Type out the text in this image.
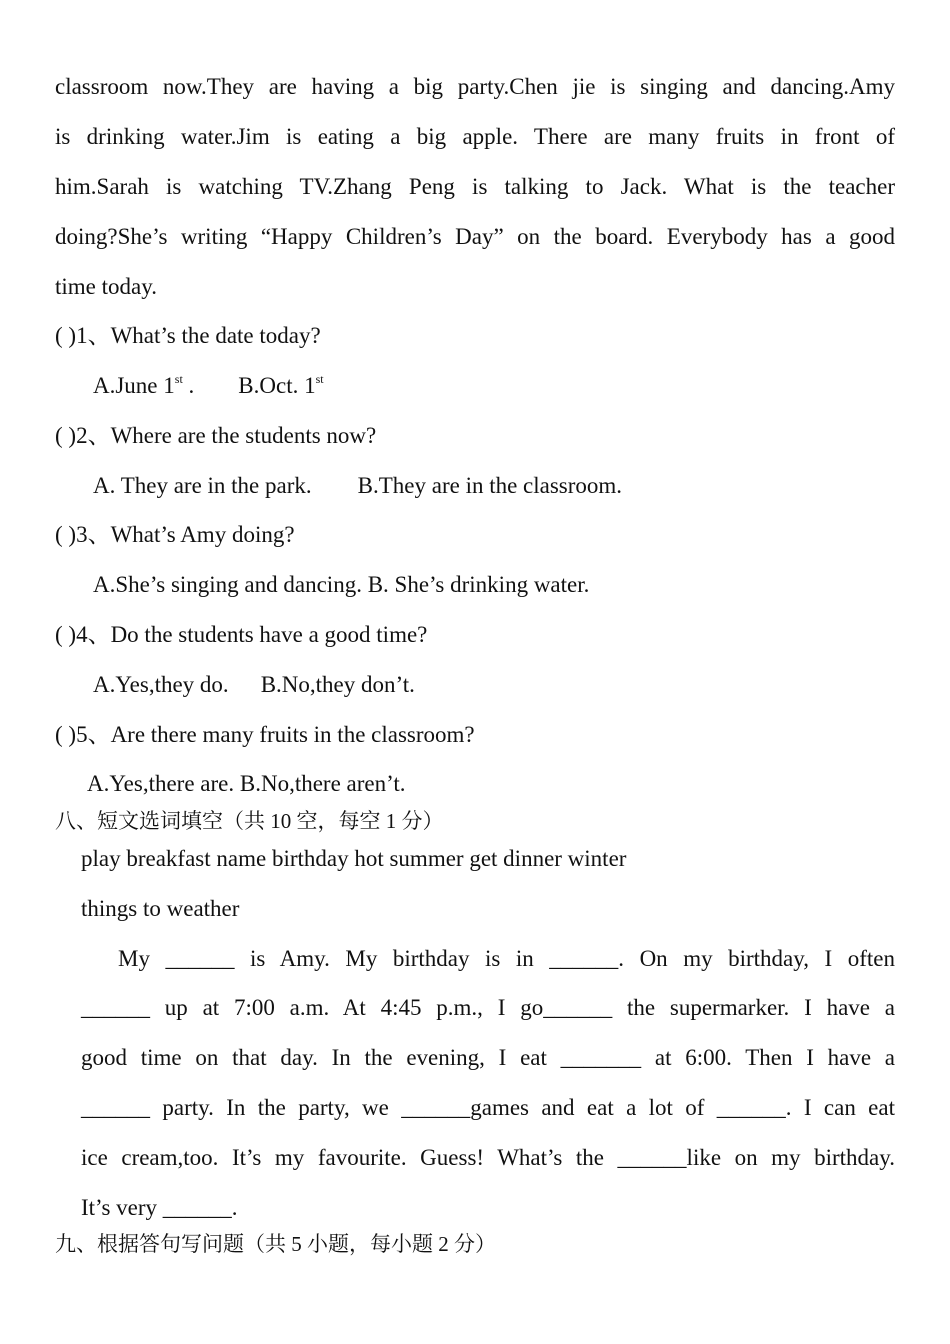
classroom now.They are having a big party.Chen jie is singing and dancing.Amy
is drinking water.Jim is eating a big apple. There are many fruits in front of
him.Sarah is watching TV.Zhang Peng is talking to Jack. What is the teacher
doing?She’s writing “Happy Children’s Day” on the board. Everybody has a good
time today.
( )1、What’s the date today?
A.June 1st . B.Oct. 1st
( )2、Where are the students now?
A. They are in the park. B.They are in the classroom.
( )3、What’s Amy doing?
A.She’s singing and dancing. B. She’s drinking water.
( )4、Do the students have a good time?
A.Yes,they do. B.No,they don’t.
( )5、Are there many fruits in the classroom?
A.Yes,there are. B.No,there aren’t.
八、短文选词填空（共 10 空，每空 1 分）
play breakfast name birthday hot summer get dinner winter
things to weather
My ______ is Amy. My birthday is in ______. On my birthday, I often
______ up at 7:00 a.m. At 4:45 p.m., I go______ the supermarker. I have a
good time on that day. In the evening, I eat _______ at 6:00. Then I have a
______ party. In the party, we ______games and eat a lot of ______. I can eat
ice cream,too. It’s my favourite. Guess! What’s the ______like on my birthday.
It’s very ______.
九、根据答句写问题（共 5 小题，每小题 2 分）
